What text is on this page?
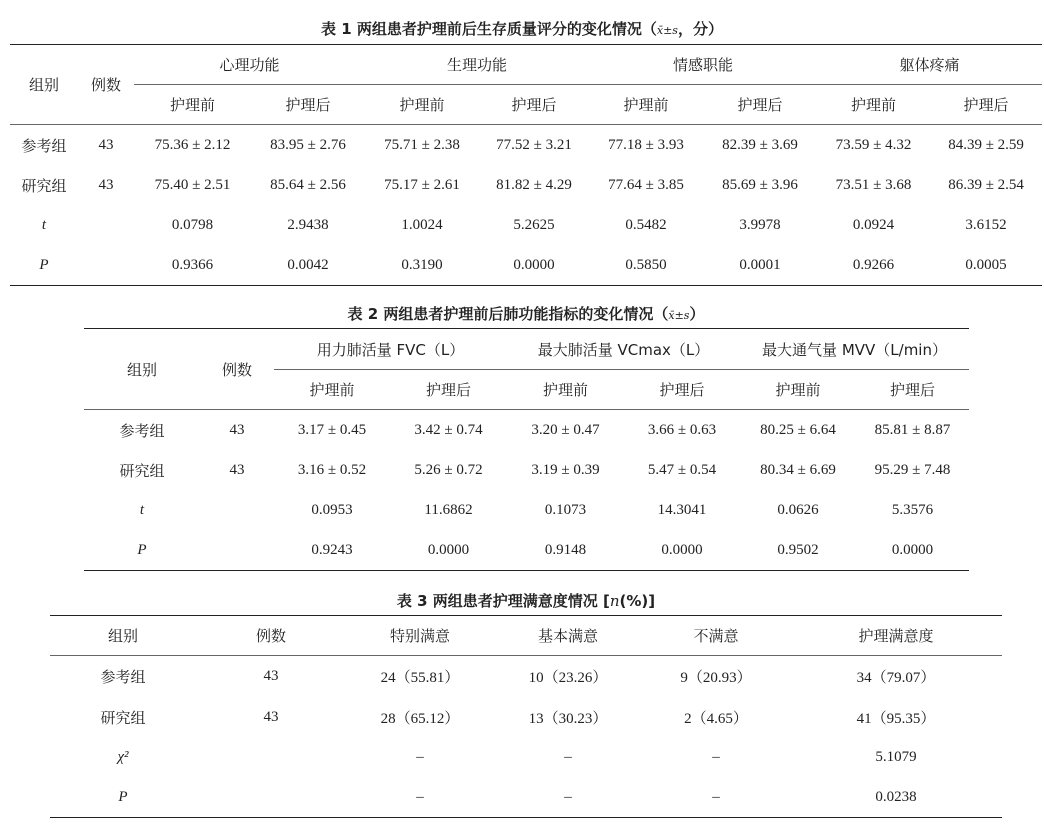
表 1 两组患者护理前后生存质量评分的变化情况（x̄±s，分）
组别	例数	心理功能		生理功能		情感职能		躯体疼痛	
		护理前	护理后	护理前	护理后	护理前	护理后	护理前	护理后
参考组	43	75.36 ± 2.12	83.95 ± 2.76	75.71 ± 2.38	77.52 ± 3.21	77.18 ± 3.93	82.39 ± 3.69	73.59 ± 4.32	84.39 ± 2.59
研究组	43	75.40 ± 2.51	85.64 ± 2.56	75.17 ± 2.61	81.82 ± 4.29	77.64 ± 3.85	85.69 ± 3.96	73.51 ± 3.68	86.39 ± 2.54
t		0.0798	2.9438	1.0024	5.2625	0.5482	3.9978	0.0924	3.6152
P		0.9366	0.0042	0.3190	0.0000	0.5850	0.0001	0.9266	0.0005
表 2 两组患者护理前后肺功能指标的变化情况（x̄±s）
组别	例数	用力肺活量 FVC（L）		最大肺活量 VCmax（L）		最大通气量 MVV（L/min）	
		护理前	护理后	护理前	护理后	护理前	护理后
参考组	43	3.17 ± 0.45	3.42 ± 0.74	3.20 ± 0.47	3.66 ± 0.63	80.25 ± 6.64	85.81 ± 8.87
研究组	43	3.16 ± 0.52	5.26 ± 0.72	3.19 ± 0.39	5.47 ± 0.54	80.34 ± 6.69	95.29 ± 7.48
t		0.0953	11.6862	0.1073	14.3041	0.0626	5.3576
P		0.9243	0.0000	0.9148	0.0000	0.9502	0.0000
表 3 两组患者护理满意度情况 [n(%)]
组别	例数	特别满意	基本满意	不满意	护理满意度
参考组	43	24（55.81）	10（23.26）	9（20.93）	34（79.07）
研究组	43	28（65.12）	13（30.23）	2（4.65）	41（95.35）
χ²		–	–	–	5.1079
P		–	–	–	0.0238
